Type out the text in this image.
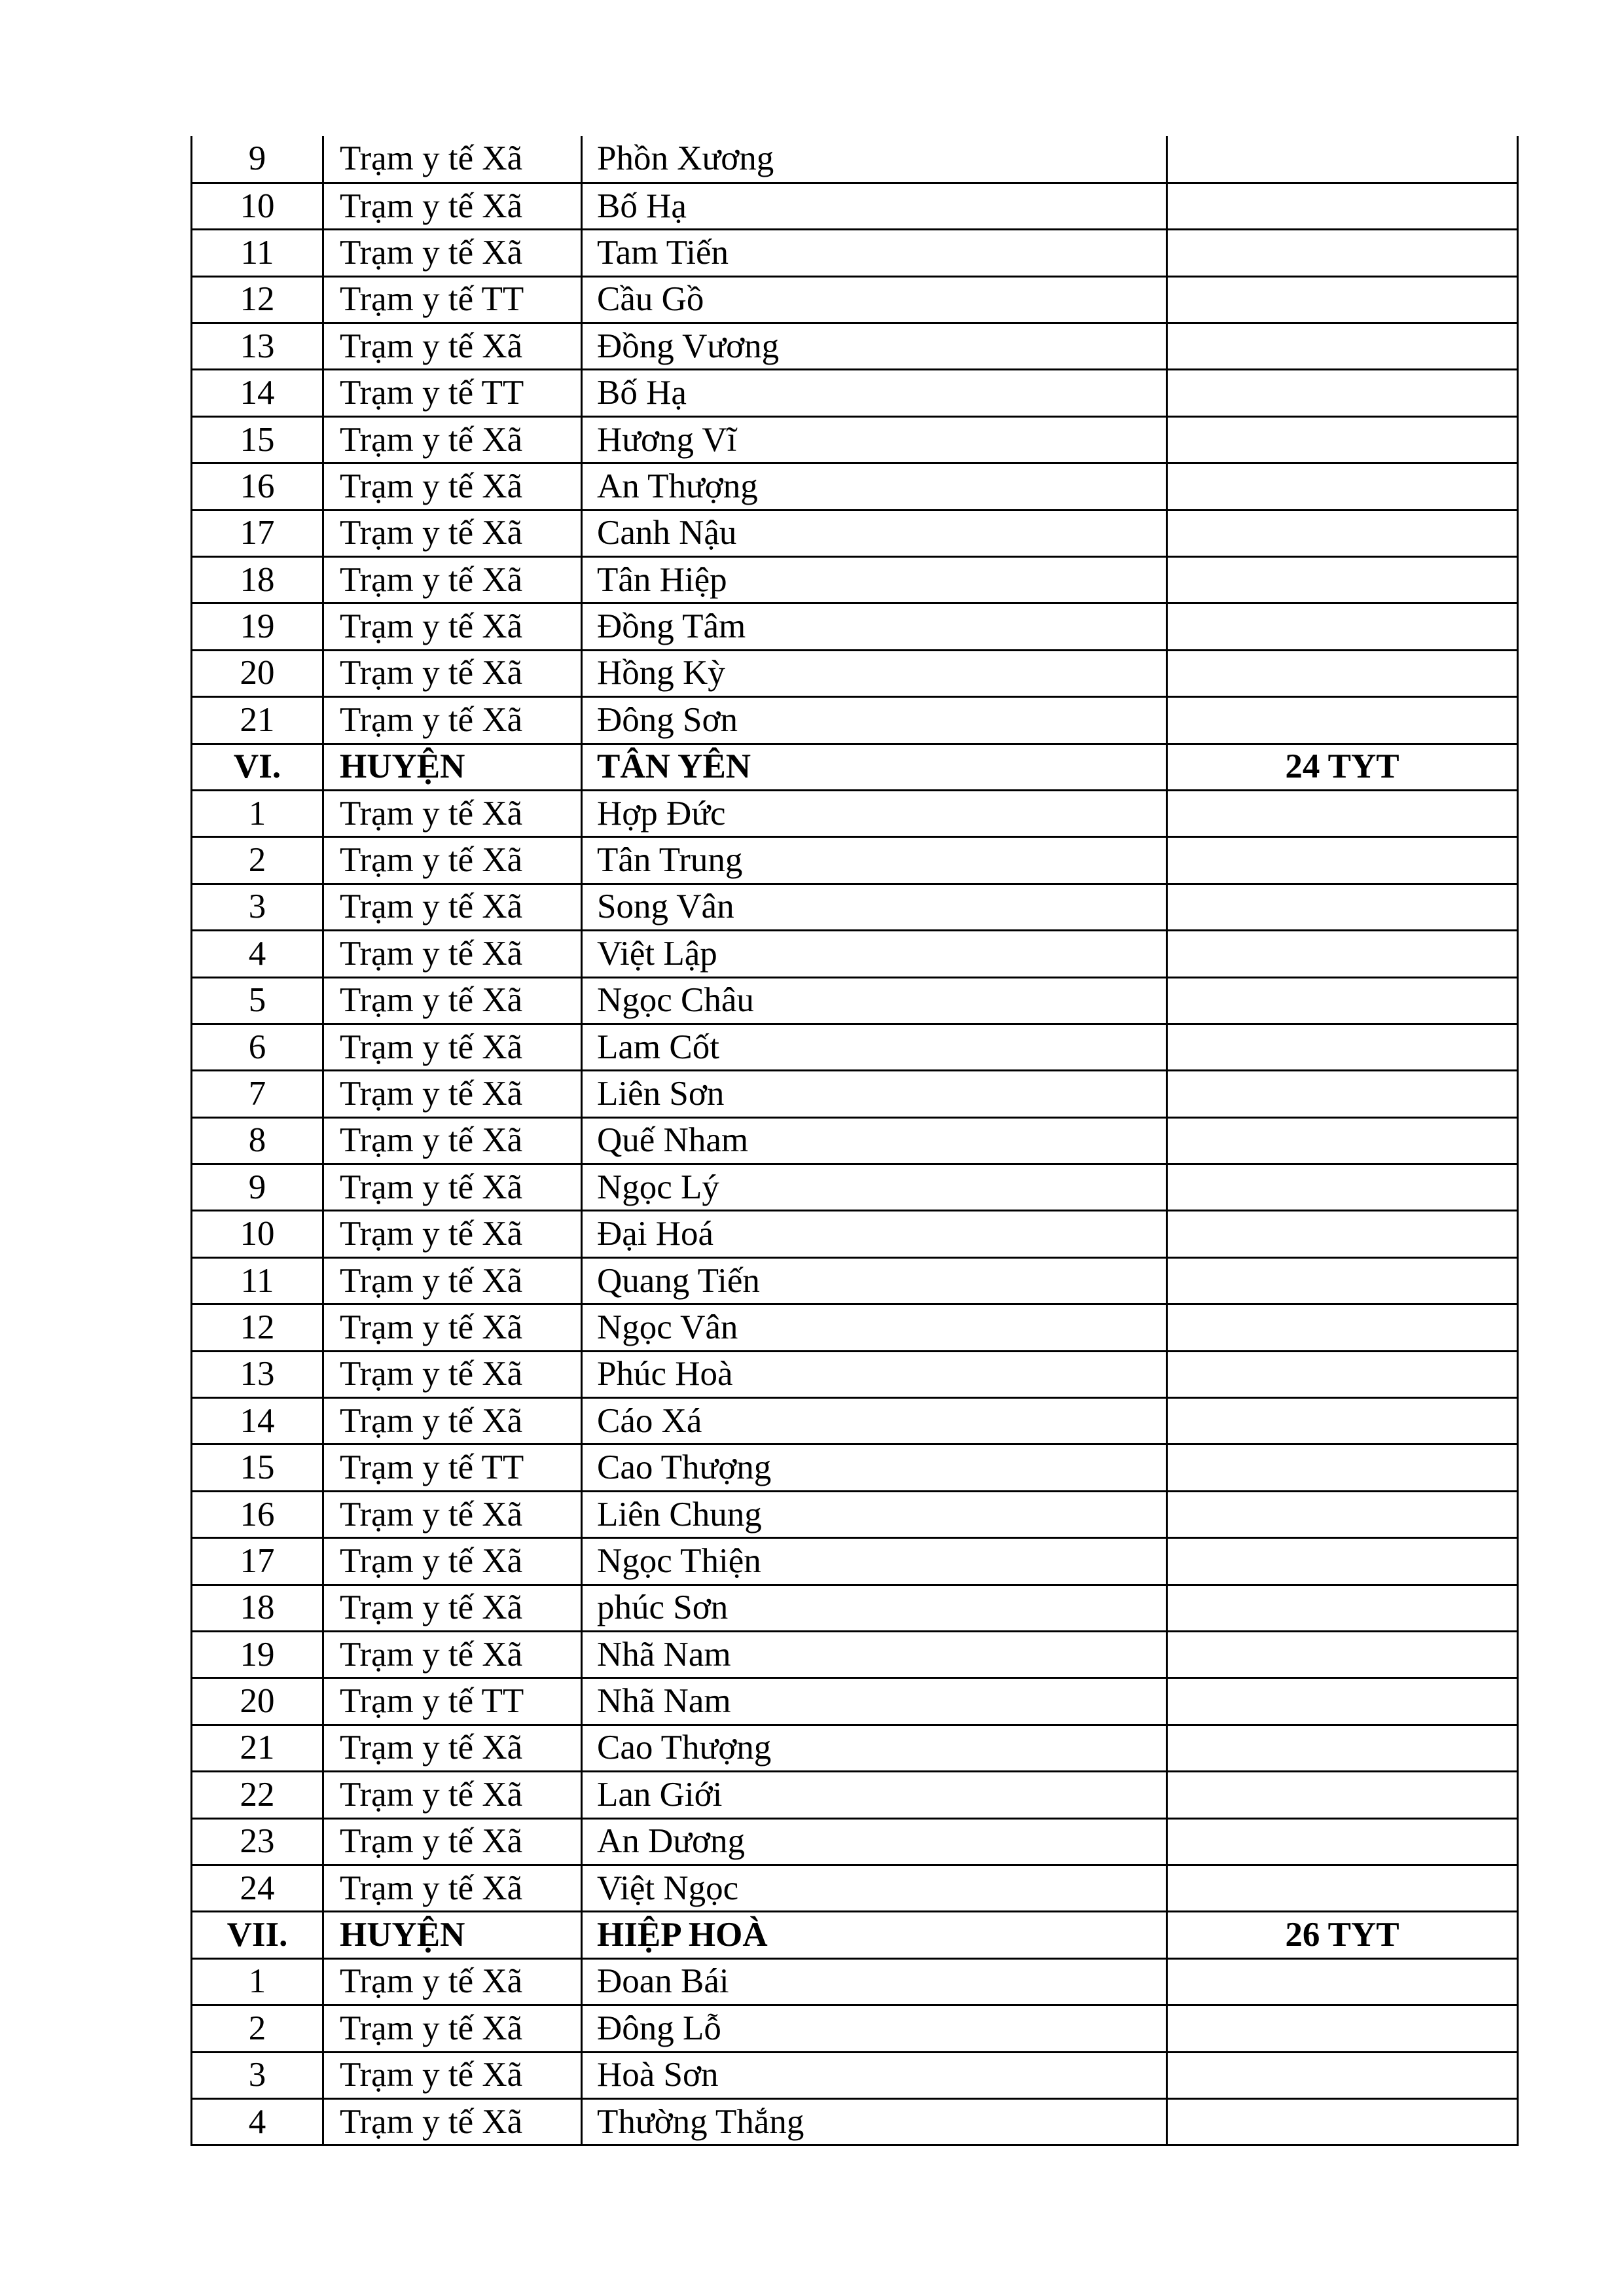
9	Trạm y tế Xã	Phồn Xương	
10	Trạm y tế Xã	Bố Hạ	
11	Trạm y tế Xã	Tam Tiến	
12	Trạm y tế TT	Cầu Gồ	
13	Trạm y tế Xã	Đồng Vương	
14	Trạm y tế TT	Bố Hạ	
15	Trạm y tế Xã	Hương Vĩ	
16	Trạm y tế Xã	An Thượng	
17	Trạm y tế Xã	Canh Nậu	
18	Trạm y tế Xã	Tân Hiệp	
19	Trạm y tế Xã	Đồng Tâm	
20	Trạm y tế Xã	Hồng Kỳ	
21	Trạm y tế Xã	Đông Sơn	
VI.	HUYỆN	TÂN YÊN	24 TYT
1	Trạm y tế Xã	Hợp Đức	
2	Trạm y tế Xã	Tân Trung	
3	Trạm y tế Xã	Song Vân	
4	Trạm y tế Xã	Việt Lập	
5	Trạm y tế Xã	Ngọc Châu	
6	Trạm y tế Xã	Lam Cốt	
7	Trạm y tế Xã	Liên Sơn	
8	Trạm y tế Xã	Quế Nham	
9	Trạm y tế Xã	Ngọc Lý	
10	Trạm y tế Xã	Đại Hoá	
11	Trạm y tế Xã	Quang Tiến	
12	Trạm y tế Xã	Ngọc Vân	
13	Trạm y tế Xã	Phúc Hoà	
14	Trạm y tế Xã	Cáo Xá	
15	Trạm y tế TT	Cao Thượng	
16	Trạm y tế Xã	Liên Chung	
17	Trạm y tế Xã	Ngọc Thiện	
18	Trạm y tế Xã	phúc Sơn	
19	Trạm y tế Xã	Nhã Nam	
20	Trạm y tế TT	Nhã Nam	
21	Trạm y tế Xã	Cao Thượng	
22	Trạm y tế Xã	Lan Giới	
23	Trạm y tế Xã	An Dương	
24	Trạm y tế Xã	Việt Ngọc	
VII.	HUYỆN	HIỆP HOÀ	26 TYT
1	Trạm y tế Xã	Đoan Bái	
2	Trạm y tế Xã	Đông Lỗ	
3	Trạm y tế Xã	Hoà Sơn	
4	Trạm y tế Xã	Thường Thắng	
